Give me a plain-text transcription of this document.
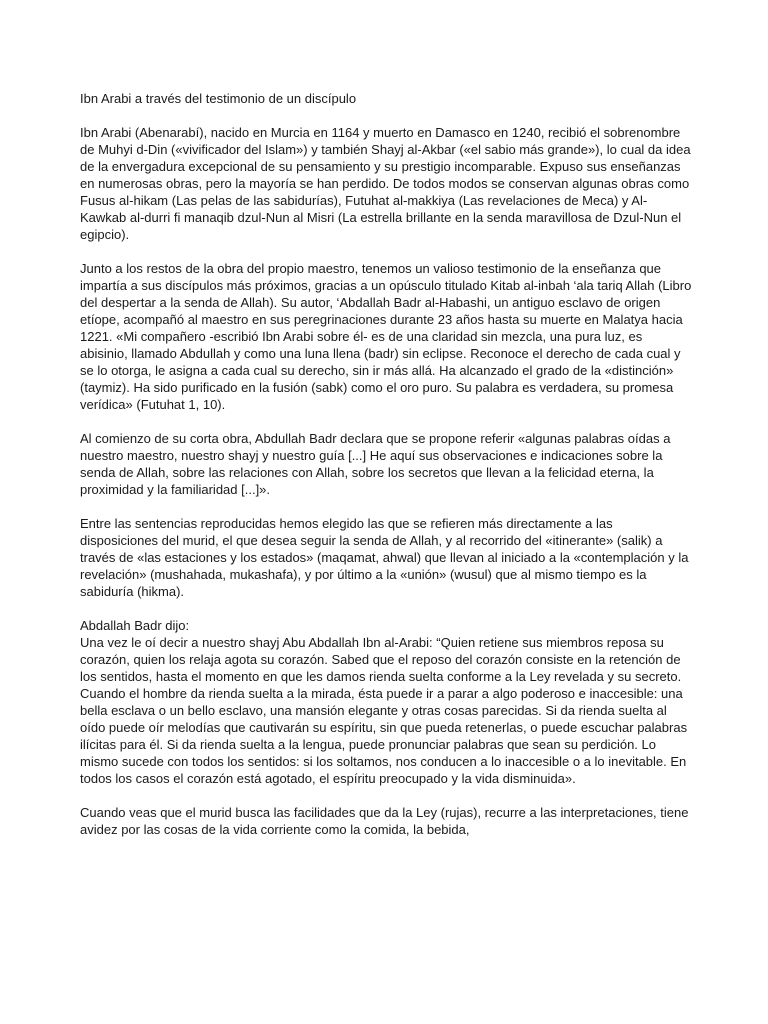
Ibn Arabi a través del testimonio de un discípulo

Ibn Arabi (Abenarabí), nacido en Murcia en 1164 y muerto en Damasco en 1240, recibió el sobrenombre de Muhyi d-Din («vivificador del Islam») y también Shayj al-Akbar («el sabio más grande»), lo cual da idea de la envergadura excepcional de su pensamiento y su prestigio incomparable. Expuso sus enseñanzas en numerosas obras, pero la mayoría se han perdido. De todos modos se conservan algunas obras como Fusus al-hikam (Las pelas de las sabidurías), Futuhat al-makkiya (Las revelaciones de Meca) y Al-Kawkab al-durri fi manaqib dzul-Nun al Misri (La estrella brillante en la senda maravillosa de Dzul-Nun el egipcio).

Junto a los restos de la obra del propio maestro, tenemos un valioso testimonio de la enseñanza que impartía a sus discípulos más próximos, gracias a un opúsculo titulado Kitab al-inbah ‘ala tariq Allah (Libro del despertar a la senda de Allah). Su autor, ‘Abdallah Badr al-Habashi, un antiguo esclavo de origen etíope, acompañó al maestro en sus peregrinaciones durante 23 años hasta su muerte en Malatya hacia 1221. «Mi compañero -escribió Ibn Arabi sobre él- es de una claridad sin mezcla, una pura luz, es abisinio, llamado Abdullah y como una luna llena (badr) sin eclipse. Reconoce el derecho de cada cual y se lo otorga, le asigna a cada cual su derecho, sin ir más allá. Ha alcanzado el grado de la «distinción» (taymiz). Ha sido purificado en la fusión (sabk) como el oro puro. Su palabra es verdadera, su promesa verídica» (Futuhat 1, 10).

Al comienzo de su corta obra, Abdullah Badr declara que se propone referir «algunas palabras oídas a nuestro maestro, nuestro shayj y nuestro guía [...] He aquí sus observaciones e indicaciones sobre la senda de Allah, sobre las relaciones con Allah, sobre los secretos que llevan a la felicidad eterna, la proximidad y la familiaridad [...]».

Entre las sentencias reproducidas hemos elegido las que se refieren más directamente a las disposiciones del murid, el que desea seguir la senda de Allah, y al recorrido del «itinerante» (salik) a través de «las estaciones y los estados» (maqamat, ahwal) que llevan al iniciado a la «contemplación y la revelación» (mushahada, mukashafa), y por último a la «unión» (wusul) que al mismo tiempo es la sabiduría (hikma).

Abdallah Badr dijo:

Una vez le oí decir a nuestro shayj Abu Abdallah Ibn al-Arabi: “Quien retiene sus miembros reposa su corazón, quien los relaja agota su corazón. Sabed que el reposo del corazón consiste en la retención de los sentidos, hasta el momento en que les damos rienda suelta conforme a la Ley revelada y su secreto. Cuando el hombre da rienda suelta a la mirada, ésta puede ir a parar a algo poderoso e inaccesible: una bella esclava o un bello esclavo, una mansión elegante y otras cosas parecidas. Si da rienda suelta al oído puede oír melodías que cautivarán su espíritu, sin que pueda retenerlas, o puede escuchar palabras ilícitas para él. Si da rienda suelta a la lengua, puede pronunciar palabras que sean su perdición. Lo mismo sucede con todos los sentidos: si los soltamos, nos conducen a lo inaccesible o a lo inevitable. En todos los casos el corazón está agotado, el espíritu preocupado y la vida disminuida».

Cuando veas que el murid busca las facilidades que da la Ley (rujas), recurre a las interpretaciones, tiene avidez por las cosas de la vida corriente como la comida, la bebida,
